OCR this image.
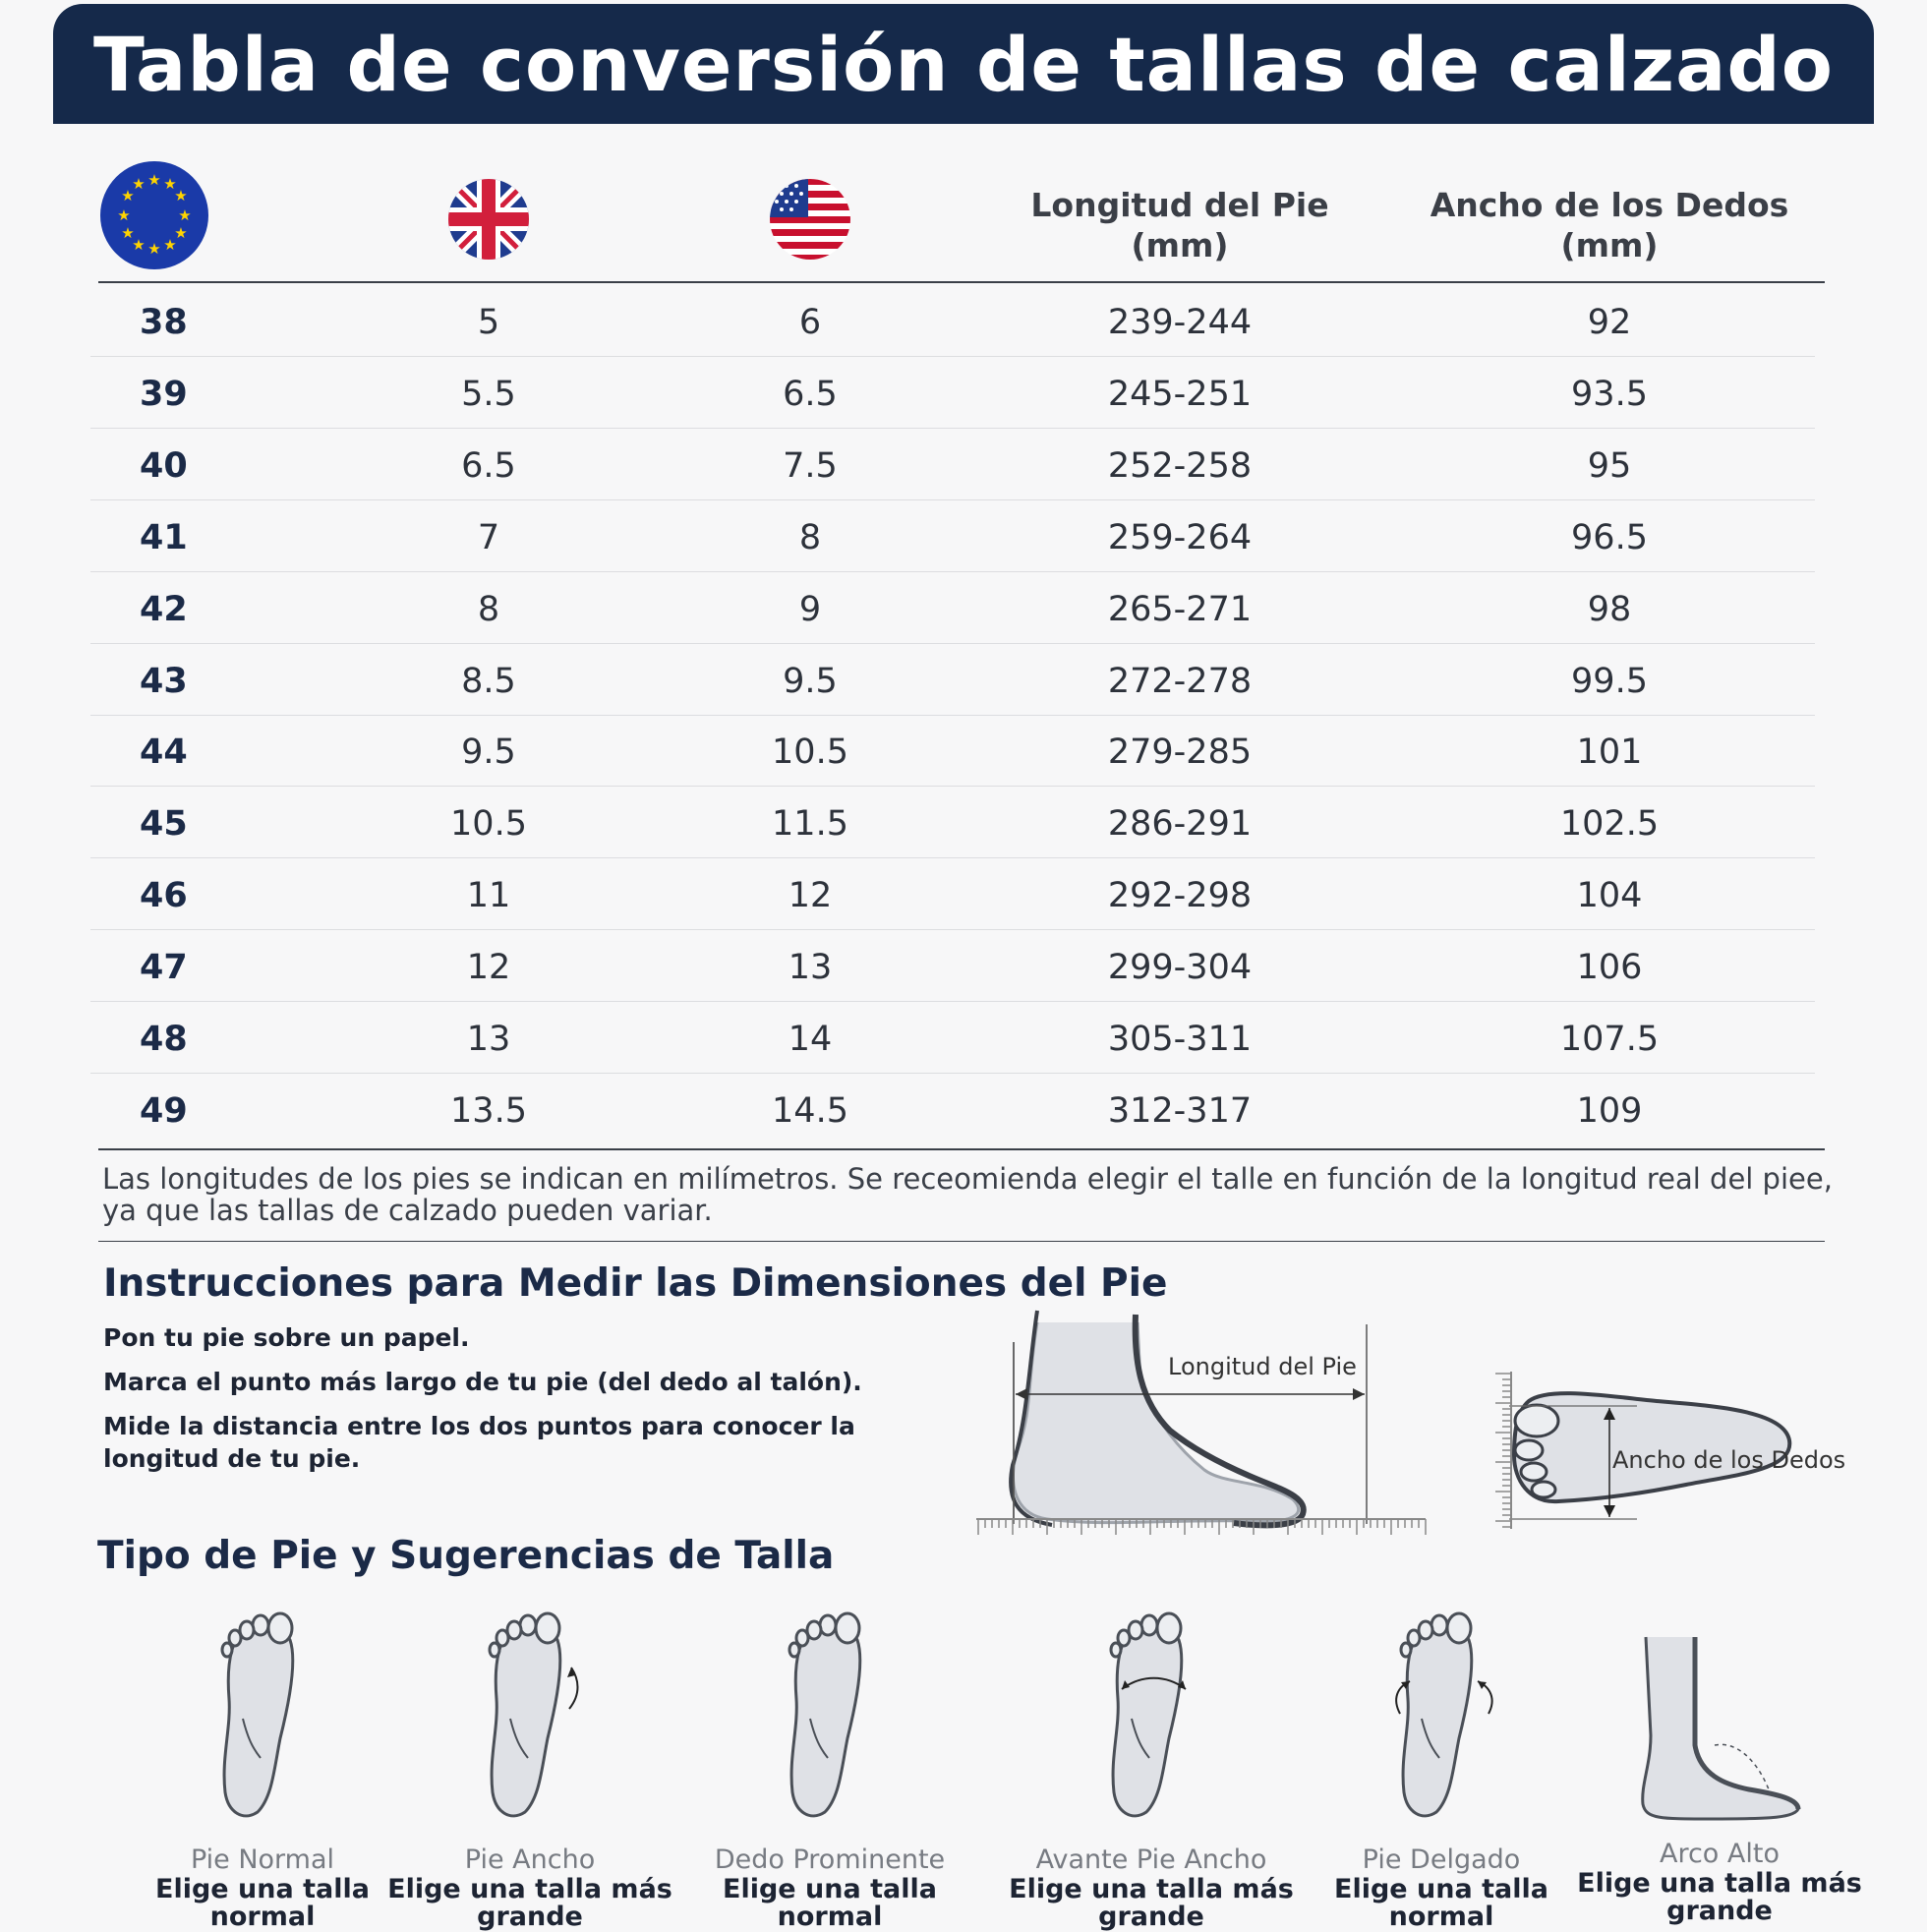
Tabla de conversión de tallas de calzado
★ ★
★
★
★
★
★
★
★
★
★
★
Longitud del Pie
(mm)
Ancho de los Dedos
(mm)
38	5	6	239-244	92
39	5.5	6.5	245-251	93.5
40	6.5	7.5	252-258	95
41	7	8	259-264	96.5
42	8	9	265-271	98
43	8.5	9.5	272-278	99.5
44	9.5	10.5	279-285	101
45	10.5	11.5	286-291	102.5
46	11	12	292-298	104
47	12	13	299-304	106
48	13	14	305-311	107.5
49	13.5	14.5	312-317	109
Las longitudes de los pies se indican en milímetros. Se receomienda elegir el talle en función de la longitud real del piee, ya que las tallas de calzado pueden variar.
Instrucciones para Medir las Dimensiones del Pie
Pon tu pie sobre un papel.
Marca el punto más largo de tu pie (del dedo al talón).
Mide la distancia entre los dos puntos para conocer la longitud de tu pie.
Longitud del Pie
Ancho de los Dedos
Tipo de Pie y Sugerencias de Talla
Pie Normal
Elige una talla normal
Pie Ancho
Elige una talla más grande
Dedo Prominente
Elige una talla normal
Avante Pie Ancho
Elige una talla más grande
Pie Delgado
Elige una talla normal
Arco Alto
Elige una talla más grande
